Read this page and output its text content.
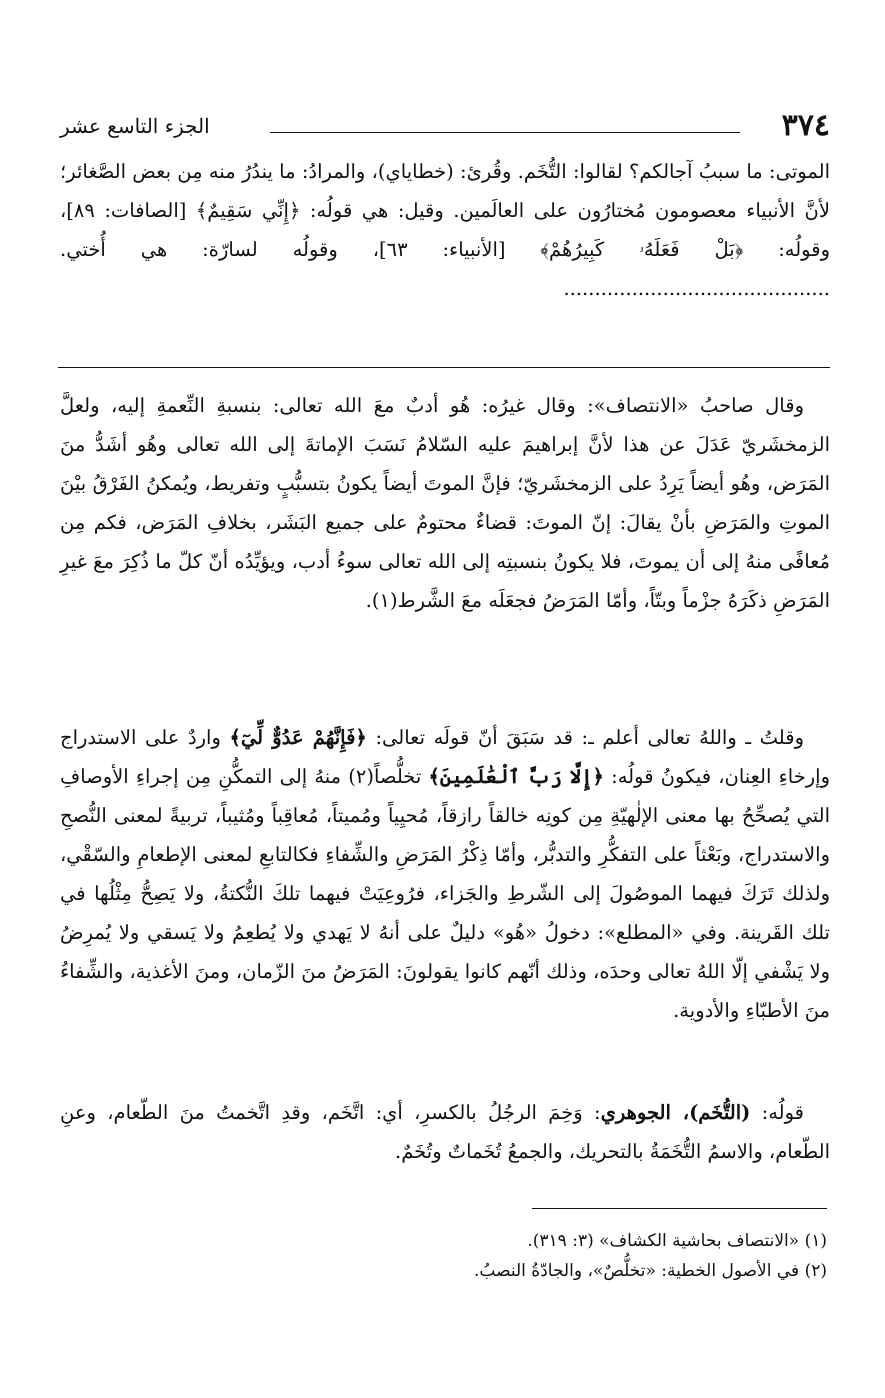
٣٧٤
الجزء التاسع عشر

الموتى: ما سببُ آجالكم؟ لقالوا: التُّخَم. وقُرئ: (خطاياي)، والمرادُ: ما يندُرُ منه مِن بعض الصَّغائر؛ لأنَّ الأنبياء معصومون مُختارُون على العالَمين. وقيل: هي قولُه: ﴿إِنِّي سَقِيمٌ﴾ [الصافات: ٨٩]، وقولُه: ﴿بَلْ فَعَلَهُۥ كَبِيرُهُمْ﴾ [الأنبياء: ٦٣]، وقولُه لسارّة: هي أُختي. ...........................................

وقال صاحبُ «الانتصاف»: وقال غيرُه: هُو أدبٌ معَ الله تعالى: بنسبةِ النِّعمةِ إليه، ولعلَّ الزمخشَريّ عَدَلَ عن هذا لأنَّ إبراهيمَ عليه السّلامُ نَسَبَ الإماتةَ إلى الله تعالى وهُو أشَدُّ منَ المَرَض، وهُو أيضاً يَرِدُ على الزمخشَريّ؛ فإنَّ الموتَ أيضاً يكونُ بتسبُّبٍ وتفريط، ويُمكنُ الفَرْقُ بيْنَ الموتِ والمَرَضِ بأنْ يقالَ: إنّ الموتَ: قضاءٌ محتومٌ على جميع البَشَر، بخلافِ المَرَض، فكم مِن مُعافًى منهُ إلى أن يموتَ، فلا يكونُ بنسبتِه إلى الله تعالى سوءُ أدب، ويؤيِّدُه أنّ كلّ ما ذُكِرَ معَ غيرِ المَرَضِ ذكَرَهُ جزْماً وبتّاً، وأمّا المَرَضُ فجعَلَه معَ الشَّرط(١).

وقلتُ ـ واللهُ تعالى أعلم ـ: قد سَبَقَ أنّ قولَه تعالى: ﴿فَإِنَّهُمْ عَدُوٌّ لِّيٓ﴾ واردٌ على الاستدراج وإرخاءِ العِنان، فيكونُ قولُه: ﴿إِلَّا رَبَّ ٱلْعَٰلَمِينَ﴾ تخلُّصاً(٢) منهُ إلى التمكُّنِ مِن إجراءِ الأوصافِ التي يُصحِّحُ بها معنى الإلٰهيّةِ مِن كونِه خالقاً رازقاً، مُحيِياً ومُميتاً، مُعاقِباً ومُثيباً، تربيةً لمعنى النُّصحِ والاستدراج، وبَعْثاً على التفكُّرِ والتدبُّر، وأمّا ذِكْرُ المَرَضِ والشِّفاءِ فكالتابعِ لمعنى الإطعامِ والسّقْي، ولذلك تَرَكَ فيهما الموصُولَ إلى الشّرطِ والجَزاء، فرُوعِيَتْ فيهما تلكَ النُّكتةُ، ولا يَصِحُّ مِثْلُها في تلك القَرينة. وفي «المطلع»: دخولُ «هُو» دليلٌ على أنهُ لا يَهدي ولا يُطعِمُ ولا يَسقي ولا يُمرِضُ ولا يَشْفي إلّا اللهُ تعالى وحدَه، وذلك أنّهم كانوا يقولونَ: المَرَضُ منَ الزّمان، ومنَ الأغذية، والشِّفاءُ منَ الأطبّاءِ والأدوية.

قولُه: (التُّخَم)، الجوهري: وَخِمَ الرجُلُ بالكسرِ، أي: اتَّخَم، وقدِ اتَّخمتُ منَ الطّعام، وعنِ الطّعام، والاسمُ التُّخَمَةُ بالتحريك، والجمعُ تُخَماتٌ وتُخَمٌ.

(١) «الانتصاف بحاشية الكشاف» (٣: ٣١٩).

(٢) في الأصول الخطية: «تخلُّصٌ»، والجادّةُ النصبُ.
